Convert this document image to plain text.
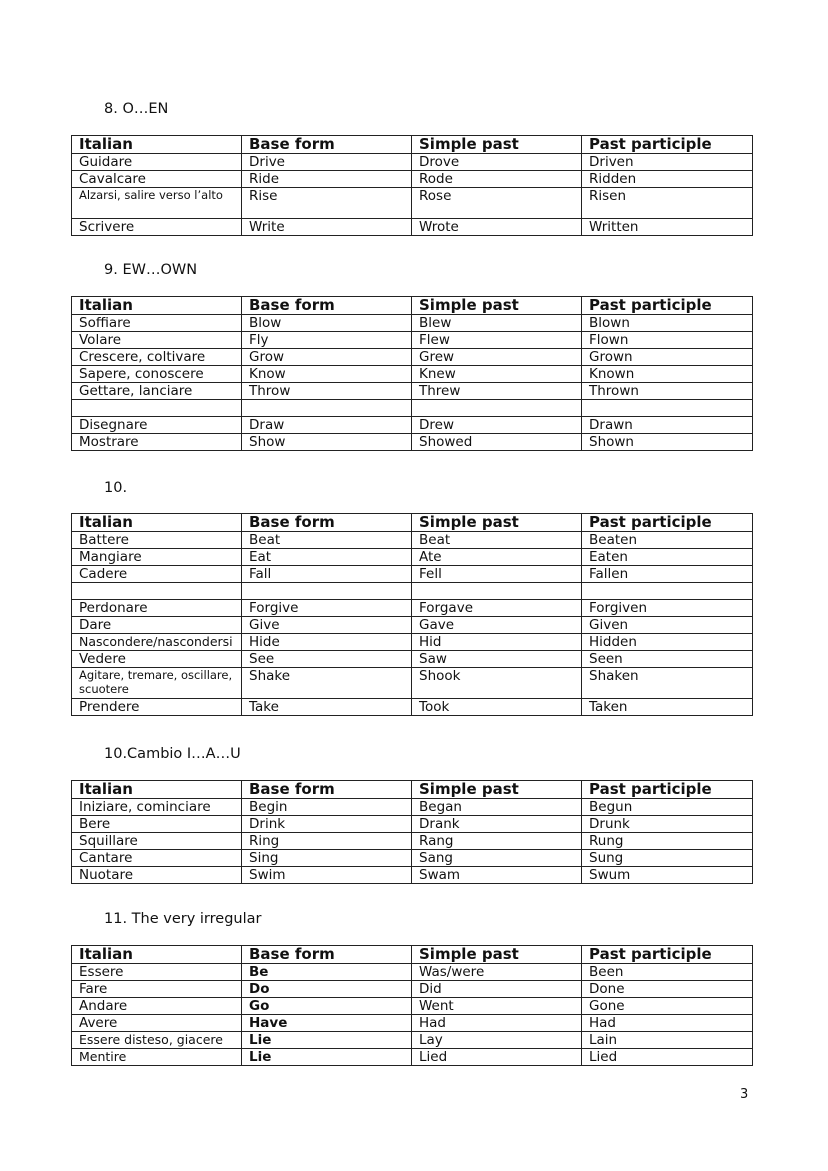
8. O…EN
Italian	Base form	Simple past	Past participle
Guidare	Drive	Drove	Driven
Cavalcare	Ride	Rode	Ridden
Alzarsi, salire verso l’alto	Rise	Rose	Risen
Scrivere	Write	Wrote	Written
9. EW…OWN
Italian	Base form	Simple past	Past participle
Soffiare	Blow	Blew	Blown
Volare	Fly	Flew	Flown
Crescere, coltivare	Grow	Grew	Grown
Sapere, conoscere	Know	Knew	Known
Gettare, lanciare	Throw	Threw	Thrown

Disegnare	Draw	Drew	Drawn
Mostrare	Show	Showed	Shown
10.
Italian	Base form	Simple past	Past participle
Battere	Beat	Beat	Beaten
Mangiare	Eat	Ate	Eaten
Cadere	Fall	Fell	Fallen

Perdonare	Forgive	Forgave	Forgiven
Dare	Give	Gave	Given
Nascondere/nascondersi	Hide	Hid	Hidden
Vedere	See	Saw	Seen
Agitare, tremare, oscillare, scuotere	Shake	Shook	Shaken
Prendere	Take	Took	Taken
10.Cambio I…A…U
Italian	Base form	Simple past	Past participle
Iniziare, cominciare	Begin	Began	Begun
Bere	Drink	Drank	Drunk
Squillare	Ring	Rang	Rung
Cantare	Sing	Sang	Sung
Nuotare	Swim	Swam	Swum
11. The very irregular
Italian	Base form	Simple past	Past participle
Essere	Be	Was/were	Been
Fare	Do	Did	Done
Andare	Go	Went	Gone
Avere	Have	Had	Had
Essere disteso, giacere	Lie	Lay	Lain
Mentire	Lie	Lied	Lied
3
